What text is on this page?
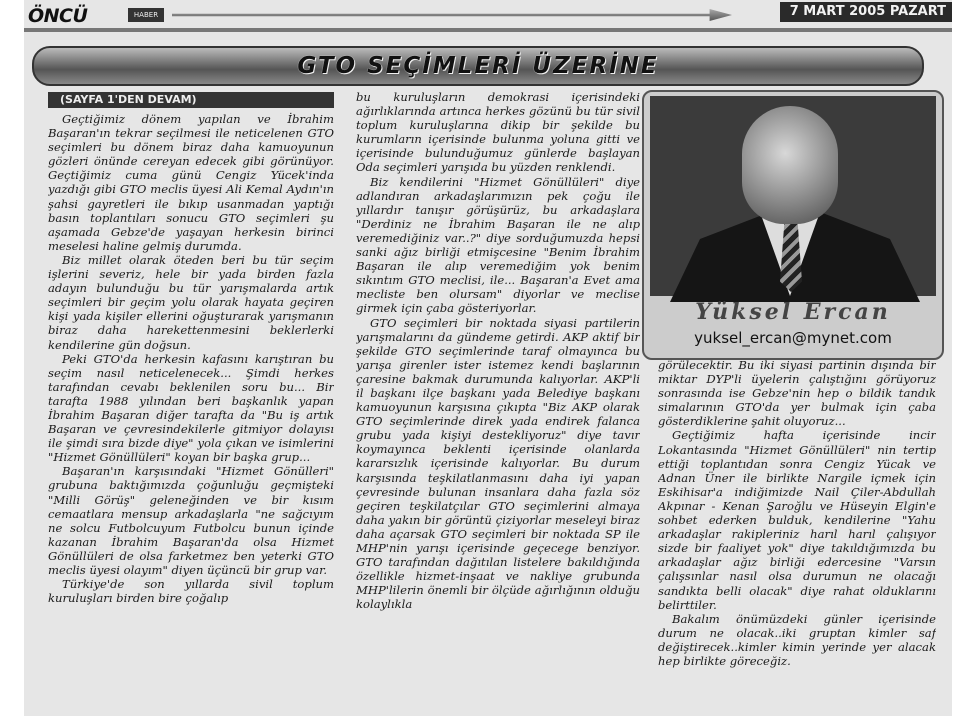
ÖNCÜ	HABER	7 MART 2005 PAZART
GTO SEÇİMLERİ ÜZERİNE
(SAYFA 1'DEN DEVAM)

Geçtiğimiz dönem yapılan ve İbrahim Başaran'ın tekrar seçilmesi ile neticelenen GTO seçimleri bu dönem biraz daha kamuoyunun gözleri önünde cereyan edecek gibi görünüyor. Geçtiğimiz cuma günü Cengiz Yücek'inda yazdığı gibi GTO meclis üyesi Ali Kemal Aydın'ın şahsi gayretleri ile bıkıp usanmadan yaptığı basın toplantıları sonucu GTO seçimleri şu aşamada Gebze'de yaşayan herkesin birinci meselesi haline gelmiş durumda.

Biz millet olarak öteden beri bu tür seçim işlerini severiz, hele bir yada birden fazla adayın bulunduğu bu tür yarışmalarda artık seçimleri bir geçim yolu olarak hayata geçiren kişi yada kişiler ellerini oğuşturarak yarışmanın biraz daha harekettenmesini beklerlerki kendilerine gün doğsun.

Peki GTO'da herkesin kafasını karıştıran bu seçim nasıl neticelenecek... Şimdi herkes tarafından cevabı beklenilen soru bu... Bir tarafta 1988 yılından beri başkanlık yapan İbrahim Başaran diğer tarafta da "Bu iş artık Başaran ve çevresindekilerle gitmiyor dolayısı ile şimdi sıra bizde diye" yola çıkan ve isimlerini "Hizmet Gönüllüleri" koyan bir başka grup...

Başaran'ın karşısındaki "Hizmet Gönülleri" grubuna baktığımızda çoğunluğu geçmişteki "Milli Görüş" geleneğinden ve bir kısım cemaatlara mensup arkadaşlarla "ne sağcıyım ne solcu Futbolcuyum Futbolcu bunun içinde kazanan İbrahim Başaran'da olsa Hizmet Gönüllüleri de olsa farketmez ben yeterki GTO meclis üyesi olayım" diyen üçüncü bir grup var.

Türkiye'de son yıllarda sivil toplum kuruluşları birden bire çoğalıp

bu kuruluşların demokrasi içerisindeki ağırlıklarında artınca herkes gözünü bu tür sivil toplum kuruluşlarına dikip bir şekilde bu kurumların içerisinde bulunma yoluna gitti ve içerisinde bulunduğumuz günlerde başlayan Oda seçimleri yarışıda bu yüzden renklendi.

Biz kendilerini "Hizmet Gönüllüleri" diye adlandıran arkadaşlarımızın pek çoğu ile yıllardır tanışır görüşürüz, bu arkadaşlara "Derdiniz ne İbrahim Başaran ile ne alıp veremediğiniz var..?" diye sorduğumuzda hepsi sanki ağız birliği etmişcesine "Benim İbrahim Başaran ile alıp veremediğim yok benim sıkıntım GTO meclisi, ile... Başaran'a Evet ama mecliste ben olursam" diyorlar ve meclise girmek için çaba gösteriyorlar.

GTO seçimleri bir noktada siyasi partilerin yarışmalarını da gündeme getirdi. AKP aktif bir şekilde GTO seçimlerinde taraf olmayınca bu yarışa girenler ister istemez kendi başlarının çaresine bakmak durumunda kalıyorlar. AKP'li il başkanı ilçe başkanı yada Belediye başkanı kamuoyunun karşısına çıkıpta "Biz AKP olarak GTO seçimlerinde direk yada endirek falanca grubu yada kişiyi destekliyoruz" diye tavır koymayınca beklenti içerisinde olanlarda kararsızlık içerisinde kalıyorlar. Bu durum karşısında teşkilatlanmasını daha iyi yapan çevresinde bulunan insanlara daha fazla söz geçiren teşkilatçılar GTO seçimlerini almaya daha yakın bir görüntü çiziyorlar meseleyi biraz daha açarsak GTO seçimleri bir noktada SP ile MHP'nin yarışı içerisinde geçecege benziyor. GTO tarafından dağıtılan listelere bakıldığında özellikle hizmet-inşaat ve nakliye grubunda MHP'lilerin önemli bir ölçüde ağırlığının olduğu kolaylıkla

Yüksel Ercan
yuksel_ercan@mynet.com

görülecektir. Bu iki siyasi partinin dışında bir miktar DYP'li üyelerin çalıştığını görüyoruz sonrasında ise Gebze'nin hep o bildik tandık simalarının GTO'da yer bulmak için çaba gösterdiklerine şahit oluyoruz...

Geçtiğimiz hafta içerisinde incir Lokantasında "Hizmet Gönüllüleri" nin tertip ettiği toplantıdan sonra Cengiz Yücak ve Adnan Üner ile birlikte Nargile içmek için Eskihisar'a indiğimizde Nail Çiler-Abdullah Akpınar - Kenan Şaroğlu ve Hüseyin Elgin'e sohbet ederken bulduk, kendilerine "Yahu arkadaşlar rakipleriniz harıl harıl çalışıyor sizde bir faaliyet yok" diye takıldığımızda bu arkadaşlar ağız birliği edercesine "Varsın çalışsınlar nasıl olsa durumun ne olacağı sandıkta belli olacak" diye rahat olduklarını belirttiler.

Bakalım önümüzdeki günler içerisinde durum ne olacak..iki gruptan kimler saf değiştirecek..kimler kimin yerinde yer alacak hep birlikte göreceğiz.
